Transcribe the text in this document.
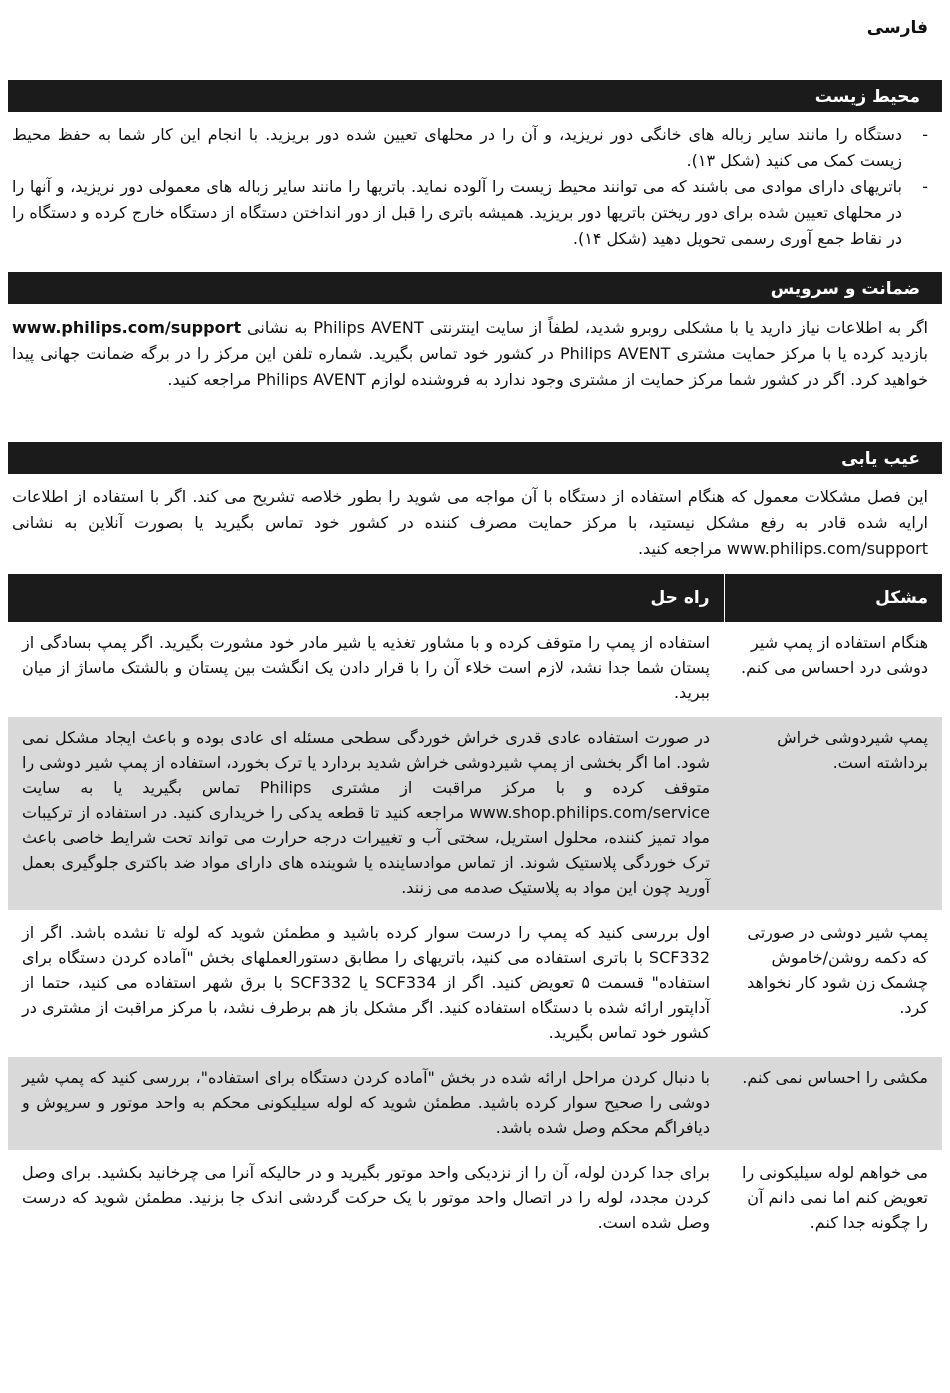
فارسی
محیط زیست
-
دستگاه را مانند سایر زباله های خانگی دور نریزید، و آن را در محلهای تعیین شده دور بریزید. با انجام این کار شما به حفظ محیط زیست کمک می کنید (شکل ۱۳).
-
باتریهای دارای موادی می باشند که می توانند محیط زیست را آلوده نماید. باتریها را مانند سایر زباله های معمولی دور نریزید، و آنها را در محلهای تعیین شده برای دور ریختن باتریها دور بریزید. همیشه باتری را قبل از دور انداختن دستگاه از دستگاه خارج کرده و دستگاه را در نقاط جمع آوری رسمی تحویل دهید (شکل ۱۴).
ضمانت و سرویس

اگر به اطلاعات نیاز دارید یا با مشکلی روبرو شدید، لطفاً از سایت اینترنتی Philips AVENT به نشانی www.philips.com/support بازدید کرده یا با مرکز حمایت مشتری Philips AVENT در کشور خود تماس بگیرید. شماره تلفن این مرکز را در برگه ضمانت جهانی پیدا خواهید کرد. اگر در کشور شما مرکز حمایت از مشتری وجود ندارد به فروشنده لوازم Philips AVENT مراجعه کنید.

عیب یابی

این فصل مشکلات معمول که هنگام استفاده از دستگاه با آن مواجه می شوید را بطور خلاصه تشریح می کند. اگر با استفاده از اطلاعات ارایه شده قادر به رفع مشکل نیستید، با مرکز حمایت مصرف کننده در کشور خود تماس بگیرید یا بصورت آنلاین به نشانی www.philips.com/support مراجعه کنید.

مشکل	راه حل
هنگام استفاده از پمپ شیر دوشی درد احساس می کنم.	استفاده از پمپ را متوقف کرده و با مشاور تغذیه یا شیر مادر خود مشورت بگیرید. اگر پمپ بسادگی از پستان شما جدا نشد، لازم است خلاء آن را با قرار دادن یک انگشت بین پستان و بالشتک ماساژ از میان ببرید.
پمپ شیردوشی خراش برداشته است.	در صورت استفاده عادی قدری خراش خوردگی سطحی مسئله ای عادی بوده و باعث ایجاد مشکل نمی شود. اما اگر بخشی از پمپ شیردوشی خراش شدید بردارد یا ترک بخورد، استفاده از پمپ شیر دوشی را متوقف کرده و با مرکز مراقبت از مشتری Philips تماس بگیرید یا به سایت www.shop.philips.com/service مراجعه کنید تا قطعه یدکی را خریداری کنید. در استفاده از ترکیبات مواد تمیز کننده، محلول استریل، سختی آب و تغییرات درجه حرارت می تواند تحت شرایط خاصی باعث ترک خوردگی پلاستیک شوند. از تماس موادساینده یا شوینده های دارای مواد ضد باکتری جلوگیری بعمل آورید چون این مواد به پلاستیک صدمه می زنند.
پمپ شیر دوشی در صورتی که دکمه روشن/خاموش چشمک زن شود کار نخواهد کرد.	اول بررسی کنید که پمپ را درست سوار کرده باشید و مطمئن شوید که لوله تا نشده باشد. اگر از SCF332 با باتری استفاده می کنید، باتریهای را مطابق دستورالعملهای بخش "آماده کردن دستگاه برای استفاده" قسمت ۵ تعویض کنید. اگر از SCF334 یا SCF332 با برق شهر استفاده می کنید، حتما از آداپتور ارائه شده با دستگاه استفاده کنید. اگر مشکل باز هم برطرف نشد، با مرکز مراقبت از مشتری در کشور خود تماس بگیرید.
مکشی را احساس نمی کنم.	با دنبال کردن مراحل ارائه شده در بخش "آماده کردن دستگاه برای استفاده"، بررسی کنید که پمپ شیر دوشی را صحیح سوار کرده باشید. مطمئن شوید که لوله سیلیکونی محکم به واحد موتور و سرپوش و دیافراگم محکم وصل شده باشد.
می خواهم لوله سیلیکونی را تعویض کنم اما نمی دانم آن را چگونه جدا کنم.	برای جدا کردن لوله، آن را از نزدیکی واحد موتور بگیرید و در حالیکه آنرا می چرخانید بکشید. برای وصل کردن مجدد، لوله را در اتصال واحد موتور با یک حرکت گردشی اندک جا بزنید. مطمئن شوید که درست وصل شده است.
